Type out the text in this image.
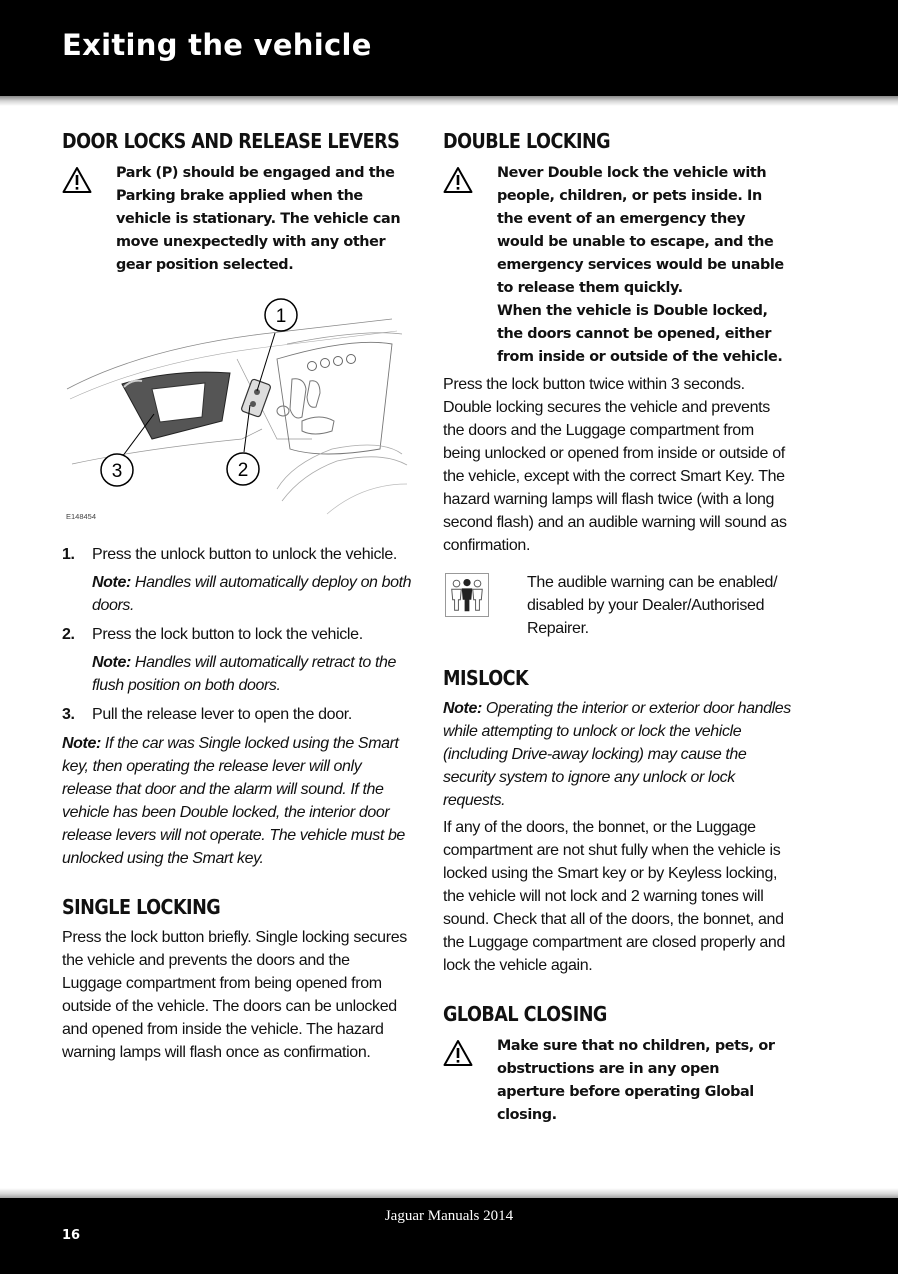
Exiting the vehicle
DOOR LOCKS AND RELEASE LEVERS
Park (P) should be engaged and the Parking brake applied when the vehicle is stationary. The vehicle can move unexpectedly with any other gear position selected.
1
2
3
E148454
1. Press the unlock button to unlock the vehicle.
Note: Handles will automatically deploy on both doors.
2. Press the lock button to lock the vehicle.
Note: Handles will automatically retract to the flush position on both doors.
3. Pull the release lever to open the door.
Note: If the car was Single locked using the Smart key, then operating the release lever will only release that door and the alarm will sound. If the vehicle has been Double locked, the interior door release levers will not operate. The vehicle must be unlocked using the Smart key.
SINGLE LOCKING

Press the lock button briefly. Single locking secures the vehicle and prevents the doors and the Luggage compartment from being opened from outside of the vehicle. The doors can be unlocked and opened from inside the vehicle. The hazard warning lamps will flash once as confirmation.

DOUBLE LOCKING
Never Double lock the vehicle with people, children, or pets inside. In the event of an emergency they would be unable to escape, and the emergency services would be unable to release them quickly.
When the vehicle is Double locked, the doors cannot be opened, either from inside or outside of the vehicle.

Press the lock button twice within 3 seconds. Double locking secures the vehicle and prevents the doors and the Luggage compartment from being unlocked or opened from inside or outside of the vehicle, except with the correct Smart Key. The hazard warning lamps will flash twice (with a long second flash) and an audible warning will sound as confirmation.

The audible warning can be enabled/ disabled by your Dealer/Authorised Repairer.
MISLOCK
Note: Operating the interior or exterior door handles while attempting to unlock or lock the vehicle (including Drive-away locking) may cause the security system to ignore any unlock or lock requests.

If any of the doors, the bonnet, or the Luggage compartment are not shut fully when the vehicle is locked using the Smart key or by Keyless locking, the vehicle will not lock and 2 warning tones will sound. Check that all of the doors, the bonnet, and the Luggage compartment are closed properly and lock the vehicle again.

GLOBAL CLOSING
Make sure that no children, pets, or obstructions are in any open aperture before operating Global closing.
Jaguar Manuals 2014
16
